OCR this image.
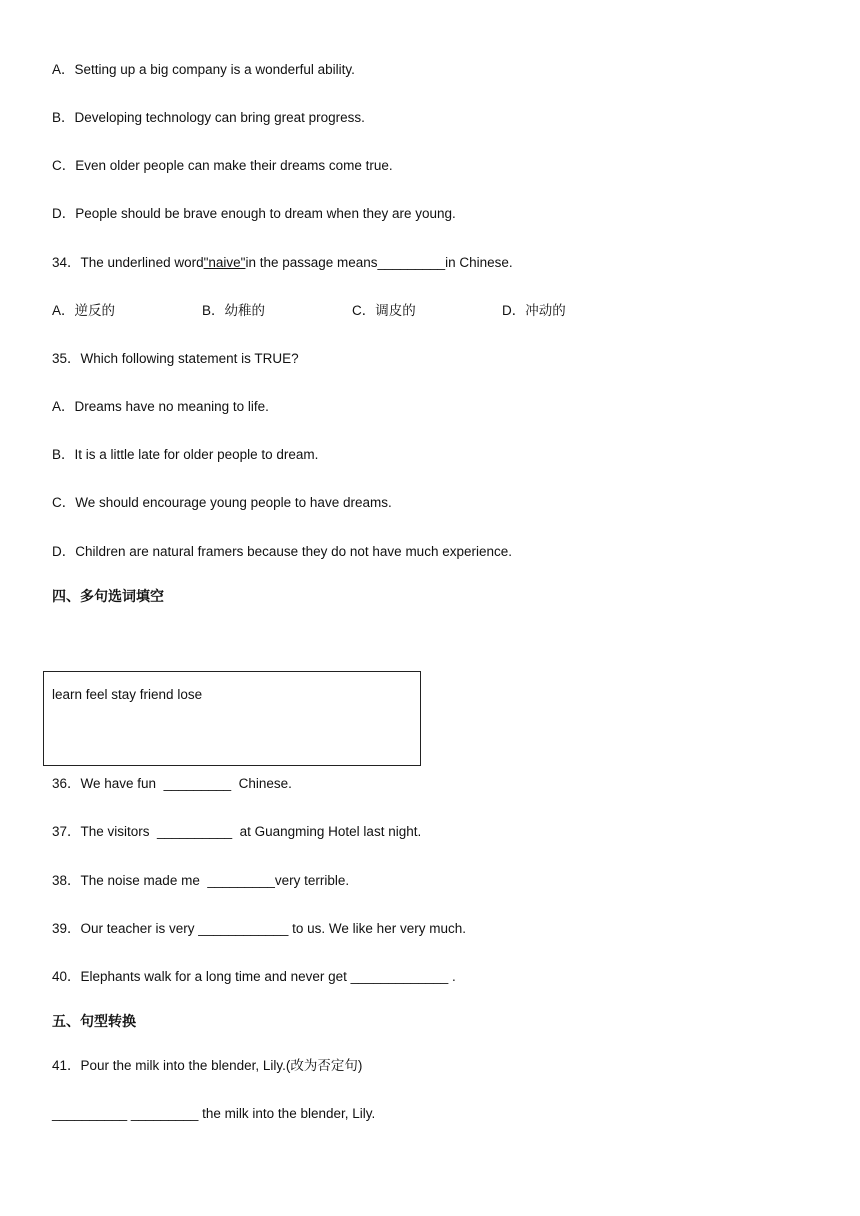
A．Setting up a big company is a wonderful ability.
B．Developing technology can bring great progress.
C．Even older people can make their dreams come true.
D．People should be brave enough to dream when they are young.
34．The underlined word"naive"in the passage means_________in Chinese.
A．逆反的	B．幼稚的	C．调皮的	D．冲动的
35．Which following statement is TRUE?
A．Dreams have no meaning to life.
B．It is a little late for older people to dream.
C．We should encourage young people to have dreams.
D．Children are natural framers because they do not have much experience.
四、多句选词填空
learn feel stay friend lose
36．We have fun  _________  Chinese.
37．The visitors  __________  at Guangming Hotel last night.
38．The noise made me  _________very terrible.
39．Our teacher is very ____________ to us. We like her very much.
40．Elephants walk for a long time and never get _____________ .
五、句型转换
41．Pour the milk into the blender, Lily.(改为否定句)
__________ _________ the milk into the blender, Lily.
